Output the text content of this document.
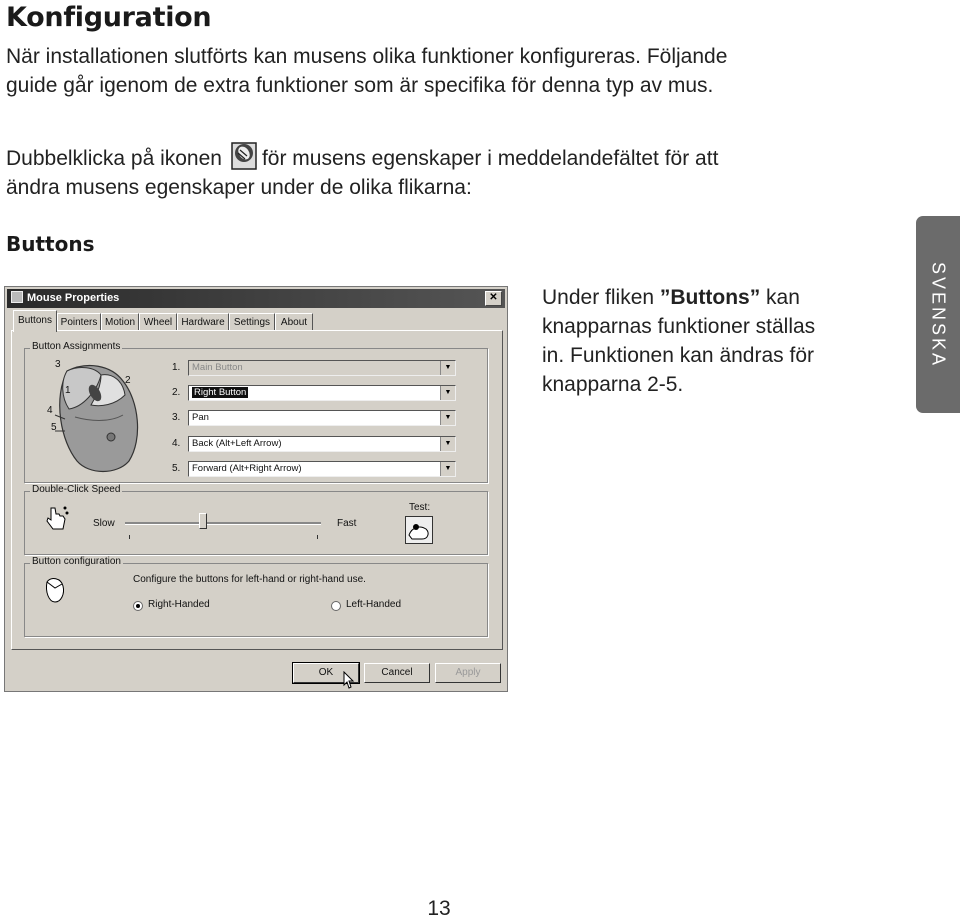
Konfiguration
När installationen slutförts kan musens olika funktioner konfigureras. Följande
guide går igenom de extra funktioner som är specifika för denna typ av mus.
Dubbelklicka på ikonen för musens egenskaper i meddelandefältet för att
ändra musens egenskaper under de olika flikarna:
Buttons
Mouse Properties	✕
Buttons Pointers Motion Wheel Hardware Settings	About
Button Assignments
3
1
2
4
5
1.	Main Button	▼
2.	Right Button	▼
3.	Pan	▼
4.	Back (Alt+Left Arrow)	▼
5.	Forward (Alt+Right Arrow)	▼
Double-Click Speed
Slow	Fast
Test:
Button configuration
Configure the buttons for left-hand or right-hand use.
Right-Handed	Left-Handed
OK	Cancel	Apply
Under fliken ”Buttons” kan
knapparnas funktioner ställas
in. Funktionen kan ändras för
knapparna 2-5.
SVENSKA
13
